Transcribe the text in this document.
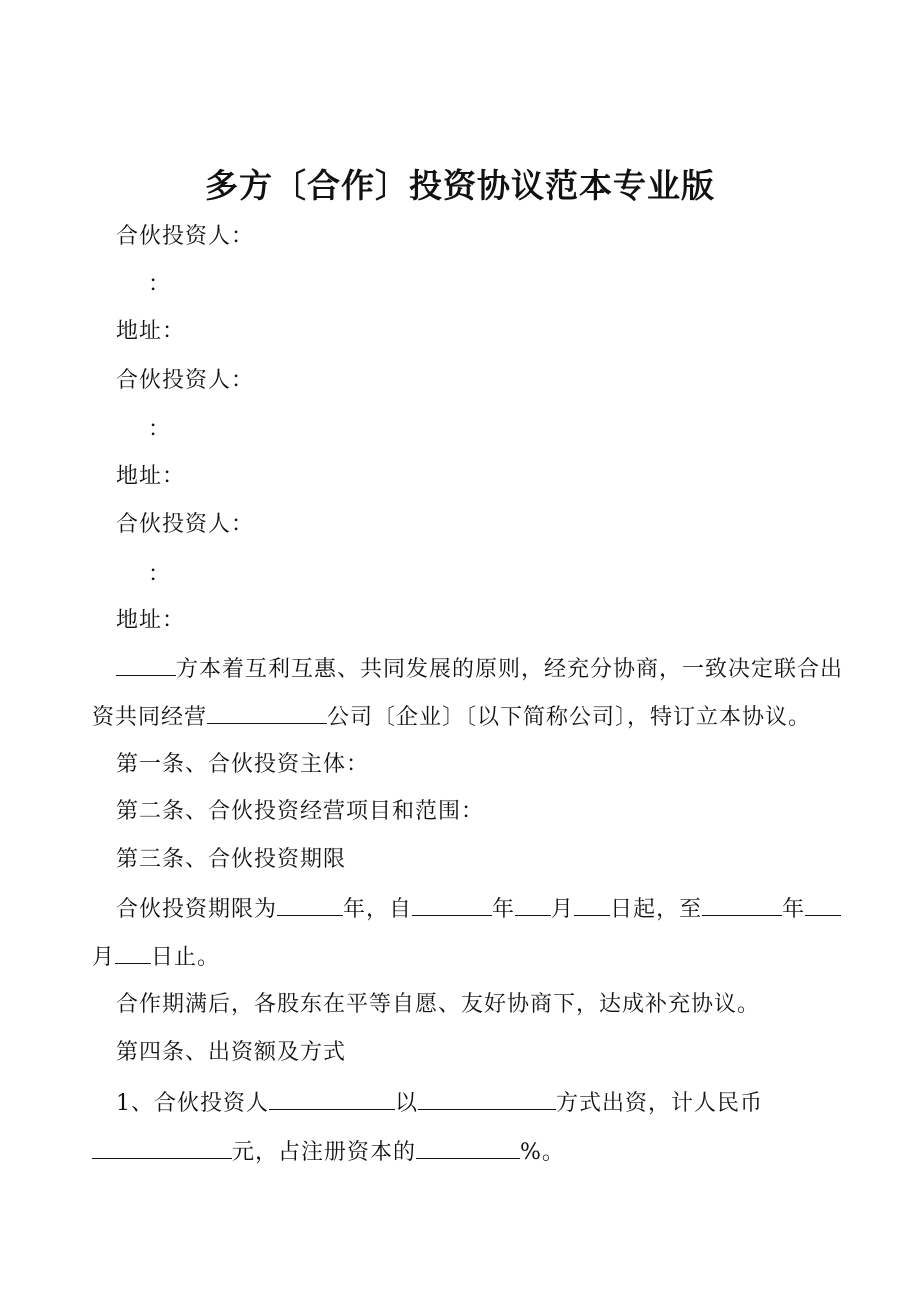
多方〔合作〕投资协议范本专业版
合伙投资人：
：
地址：
合伙投资人：
：
地址：
合伙投资人：
：
地址：
方本着互利互惠、共同发展的原则，经充分协商，一致决定联合出
资共同经营	公司〔企业〕〔以下简称公司〕，特订立本协议。
第一条、合伙投资主体：
第二条、合伙投资经营项目和范围：
第三条、合伙投资期限
合伙投资期限为	年，自	年 月 日起，至	年
月 日止。
合作期满后，各股东在平等自愿、友好协商下，达成补充协议。
第四条、出资额及方式
1、合伙投资人	以	方式出资，计人民币
元，占注册资本的	%。
